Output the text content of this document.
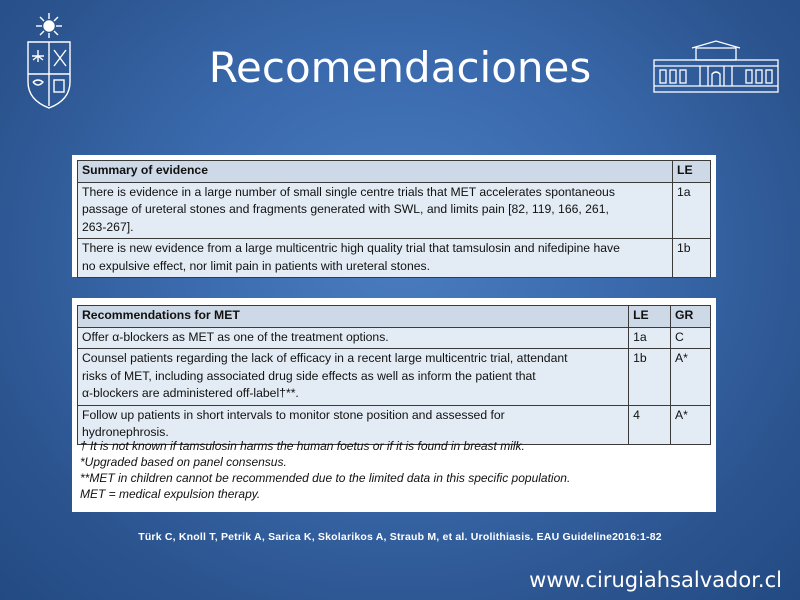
Recomendaciones
Summary of evidence	LE

There is evidence in a large number of small single centre trials that MET accelerates spontaneous
passage of ureteral stones and fragments generated with SWL, and limits pain [82, 119, 166, 261,
263-267].	1a

There is new evidence from a large multicentric high quality trial that tamsulosin and nifedipine have
no expulsive effect, nor limit pain in patients with ureteral stones.	1b
Recommendations for MET	LE	GR

Offer α-blockers as MET as one of the treatment options.	1a	C

Counsel patients regarding the lack of efficacy in a recent large multicentric trial, attendant
risks of MET, including associated drug side effects as well as inform the patient that
α-blockers are administered off-label†**.	1b	A*

Follow up patients in short intervals to monitor stone position and assessed for
hydronephrosis.	4	A*
† It is not known if tamsulosin harms the human foetus or if it is found in breast milk.
*Upgraded based on panel consensus.
**MET in children cannot be recommended due to the limited data in this specific population.
MET = medical expulsion therapy.
Türk C, Knoll T, Petrik A, Sarica K, Skolarikos A, Straub M, et al. Urolithiasis. EAU Guideline2016:1-82
www.cirugiahsalvador.cl
